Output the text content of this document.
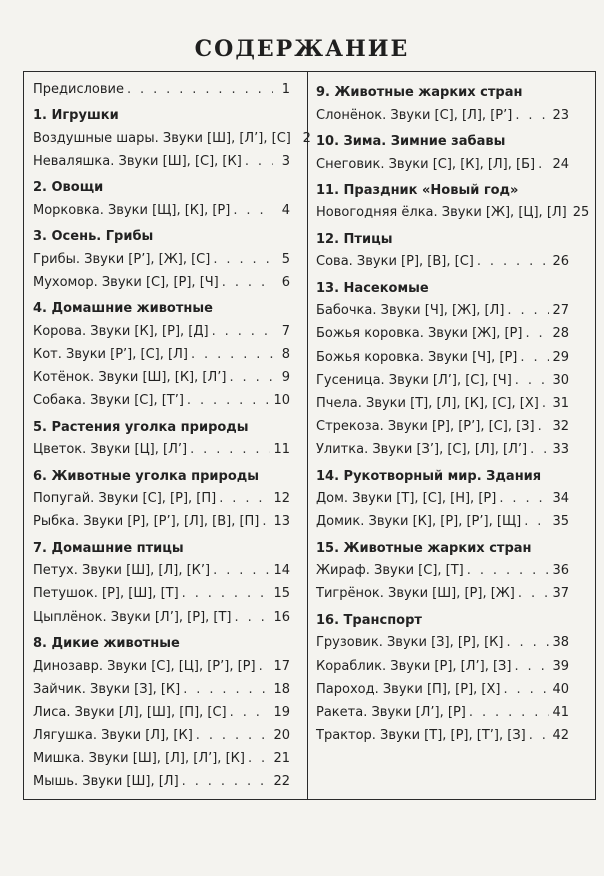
СОДЕРЖАНИЕ
Предисловие . . .	1
1. Игрушки
Воздушные шары. Звуки [Ш], [Л’], [С] . . . 2
Неваляшка. Звуки [Ш], [С], [К] . . .	3
2. Овощи
Морковка. Звуки [Щ], [К], [Р] . . .	4
3. Осень. Грибы
Грибы. Звуки [Р’], [Ж], [С] . . .	5
Мухомор. Звуки [С], [Р], [Ч] . . .	6
4. Домашние животные
Корова. Звуки [К], [Р], [Д] . . .	7
Кот. Звуки [Р’], [С], [Л] . . .	8
Котёнок. Звуки [Ш], [К], [Л’] . . .	9
Собака. Звуки [С], [Т’] . . .	10
5. Растения уголка природы
Цветок. Звуки [Ц], [Л’] . . .	11
6. Животные уголка природы
Попугай. Звуки [С], [Р], [П] . . .	12
Рыбка. Звуки [Р], [Р’], [Л], [В], [П] . . . 13
7. Домашние птицы
Петух. Звуки [Ш], [Л], [К’] . . .	14
Петушок. [Р], [Ш], [Т] . . .	15
Цыплёнок. Звуки [Л’], [Р], [Т] . . .	16
8. Дикие животные
Динозавр. Звуки [С], [Ц], [Р’], [Р] . . . 17
Зайчик. Звуки [З], [К] . . .	18
Лиса. Звуки [Л], [Ш], [П], [С] . . .	19
Лягушка. Звуки [Л], [К] . . .	20
Мишка. Звуки [Ш], [Л], [Л’], [К] . . . 21
Мышь. Звуки [Ш], [Л] . . .	22
9. Животные жарких стран
Слонёнок. Звуки [С], [Л], [Р’] . . .	23
10. Зима. Зимние забавы
Снеговик. Звуки [С], [К], [Л], [Б] . . . 24
11. Праздник «Новый год»
Новогодняя ёлка. Звуки [Ж], [Ц], [Л] . . . 25
12. Птицы
Сова. Звуки [Р], [В], [С] . . .	26
13. Насекомые
Бабочка. Звуки [Ч], [Ж], [Л] . . .	27
Божья коровка. Звуки [Ж], [Р] . . . 28
Божья коровка. Звуки [Ч], [Р] . . .	29
Гусеница. Звуки [Л’], [С], [Ч] . . .	30
Пчела. Звуки [Т], [Л], [К], [С], [Х] . . . 31
Стрекоза. Звуки [Р], [Р’], [С], [З] . . . 32
Улитка. Звуки [З’], [С], [Л], [Л’] . . . 33
14. Рукотворный мир. Здания
Дом. Звуки [Т], [С], [Н], [Р] . . .	34
Домик. Звуки [К], [Р], [Р’], [Щ] . . . 35
15. Животные жарких стран
Жираф. Звуки [С], [Т] . . .	36
Тигрёнок. Звуки [Ш], [Р], [Ж] . . .	37
16. Транспорт
Грузовик. Звуки [З], [Р], [К] . . .	38
Кораблик. Звуки [Р], [Л’], [З] . . .	39
Пароход. Звуки [П], [Р], [Х] . . .	40
Ракета. Звуки [Л’], [Р] . . .	41
Трактор. Звуки [Т], [Р], [Т’], [З] . . . 42
